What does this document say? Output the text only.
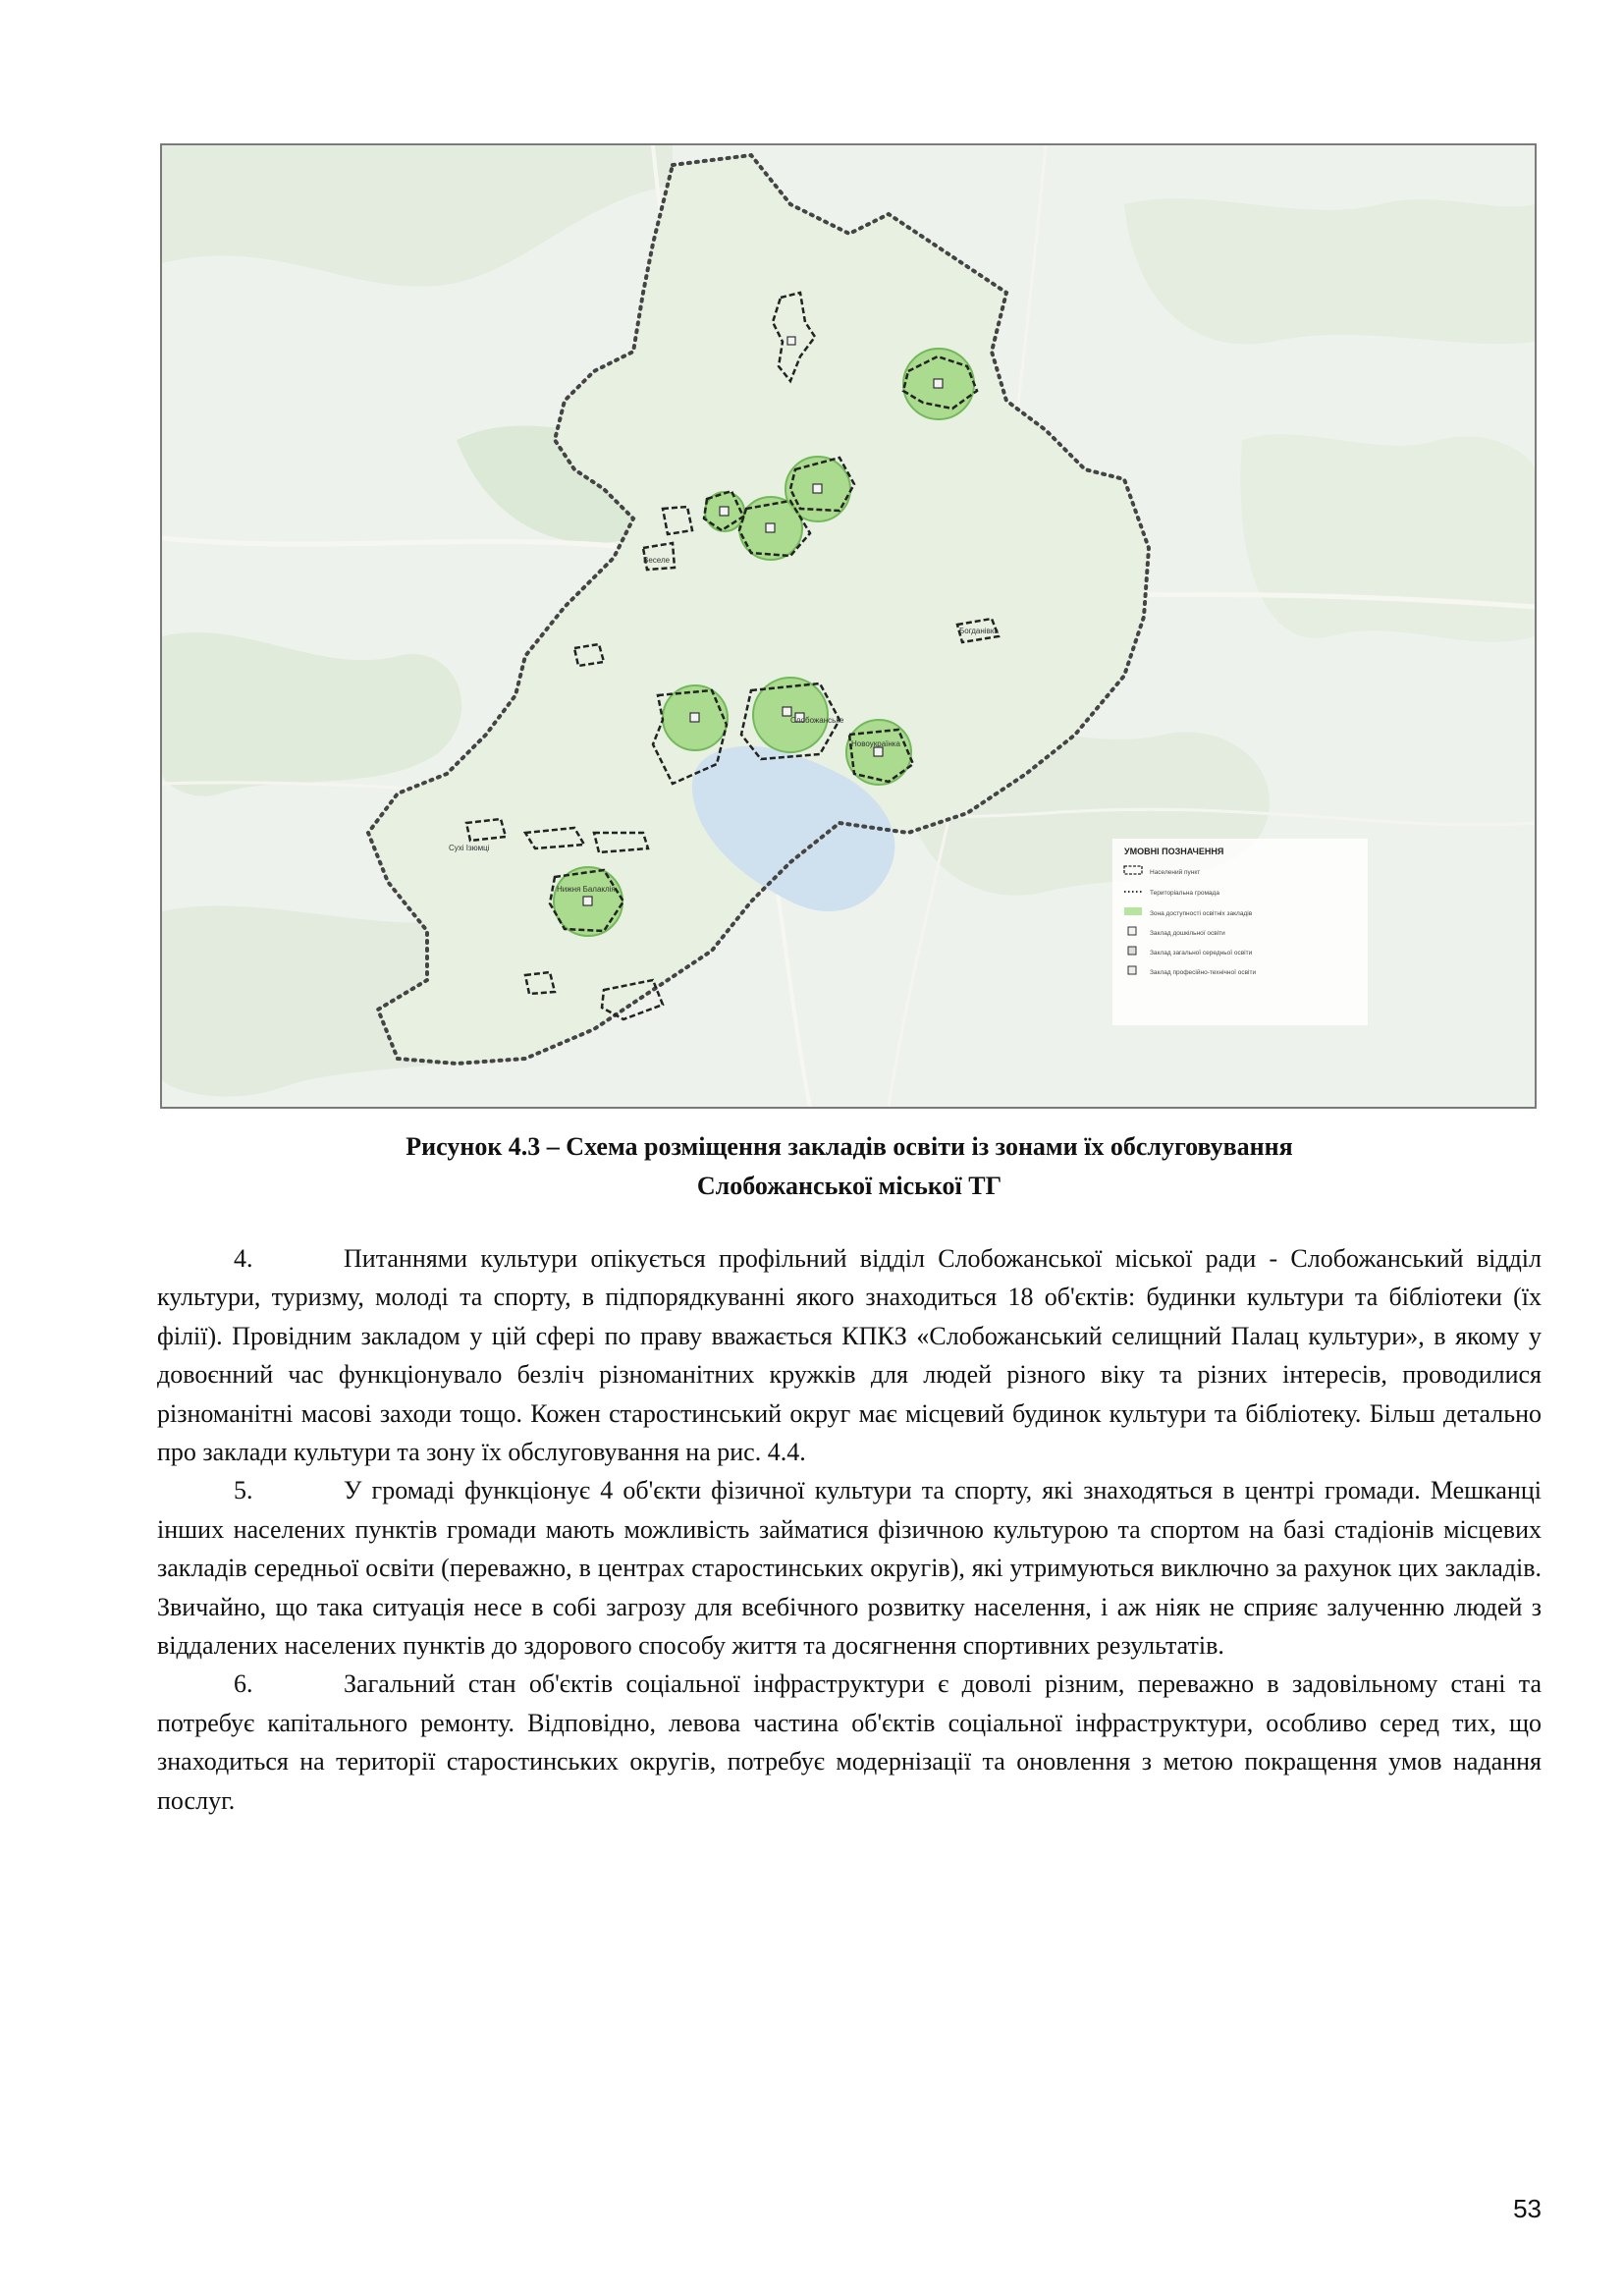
Слобожанське
Сухі Ізюмці
Нижня Балаклія
Новоукраїнка
Богданівка
Веселе
УМОВНІ ПОЗНАЧЕННЯ
Населений пункт
Територіальна громада
Зона доступності освітніх закладів
Заклад дошкільної освіти
Заклад загальної середньої освіти
Заклад професійно-технічної освіти
Рисунок 4.3 – Схема розміщення закладів освіти із зонами їх обслуговування
Слобожанської міської ТГ

4.	Питаннями культури опікується профільний відділ Слобожанської міської ради - Слобожанський відділ культури, туризму, молоді та спорту, в підпорядкуванні якого знаходиться 18 об'єктів: будинки культури та бібліотеки (їх філії). Провідним закладом у цій сфері по праву вважається КПКЗ «Слобожанський селищний Палац культури», в якому у довоєнний час функціонувало безліч різноманітних кружків для людей різного віку та різних інтересів, проводилися різноманітні масові заходи тощо. Кожен старостинський округ має місцевий будинок культури та бібліотеку. Більш детально про заклади культури та зону їх обслуговування на рис. 4.4.

5.	У громаді функціонує 4 об'єкти фізичної культури та спорту, які знаходяться в центрі громади. Мешканці інших населених пунктів громади мають можливість займатися фізичною культурою та спортом на базі стадіонів місцевих закладів середньої освіти (переважно, в центрах старостинських округів), які утримуються виключно за рахунок цих закладів. Звичайно, що така ситуація несе в собі загрозу для всебічного розвитку населення, і аж ніяк не сприяє залученню людей з віддалених населених пунктів до здорового способу життя та досягнення спортивних результатів.

6.	Загальний стан об'єктів соціальної інфраструктури є доволі різним, переважно в задовільному стані та потребує капітального ремонту. Відповідно, левова частина об'єктів соціальної інфраструктури, особливо серед тих, що знаходиться на території старостинських округів, потребує модернізації та оновлення з метою покращення умов надання послуг.

53
